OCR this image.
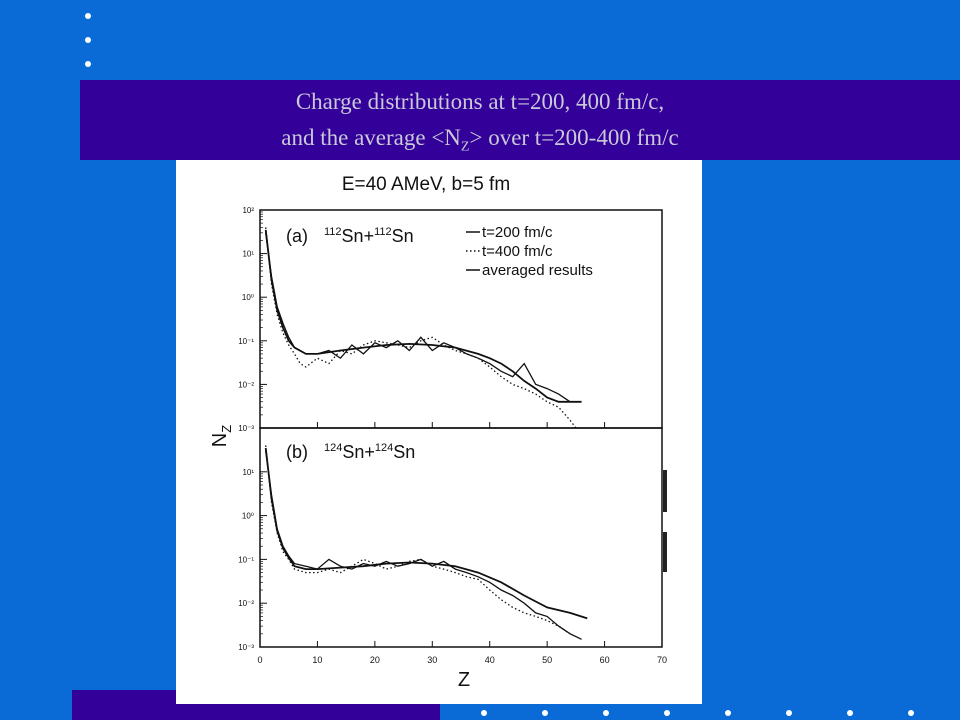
Charge distributions at t=200, 400 fm/c,
and the average $<N_Z>$ over t=200-400 fm/c
E=40 AMeV, b=5 fm
(a) $^{112}$Sn+$^{112}$Sn
(b) $^{124}$Sn+$^{124}$Sn
t=200 fm/c
t=400 fm/c
averaged results
$N_Z$
Z
0	10	20	30	40	50	60	70
10⁻³
10⁻²
10⁻¹
10⁰
10¹
10²
10⁻³
10⁻²
10⁻¹
10⁰
10¹
